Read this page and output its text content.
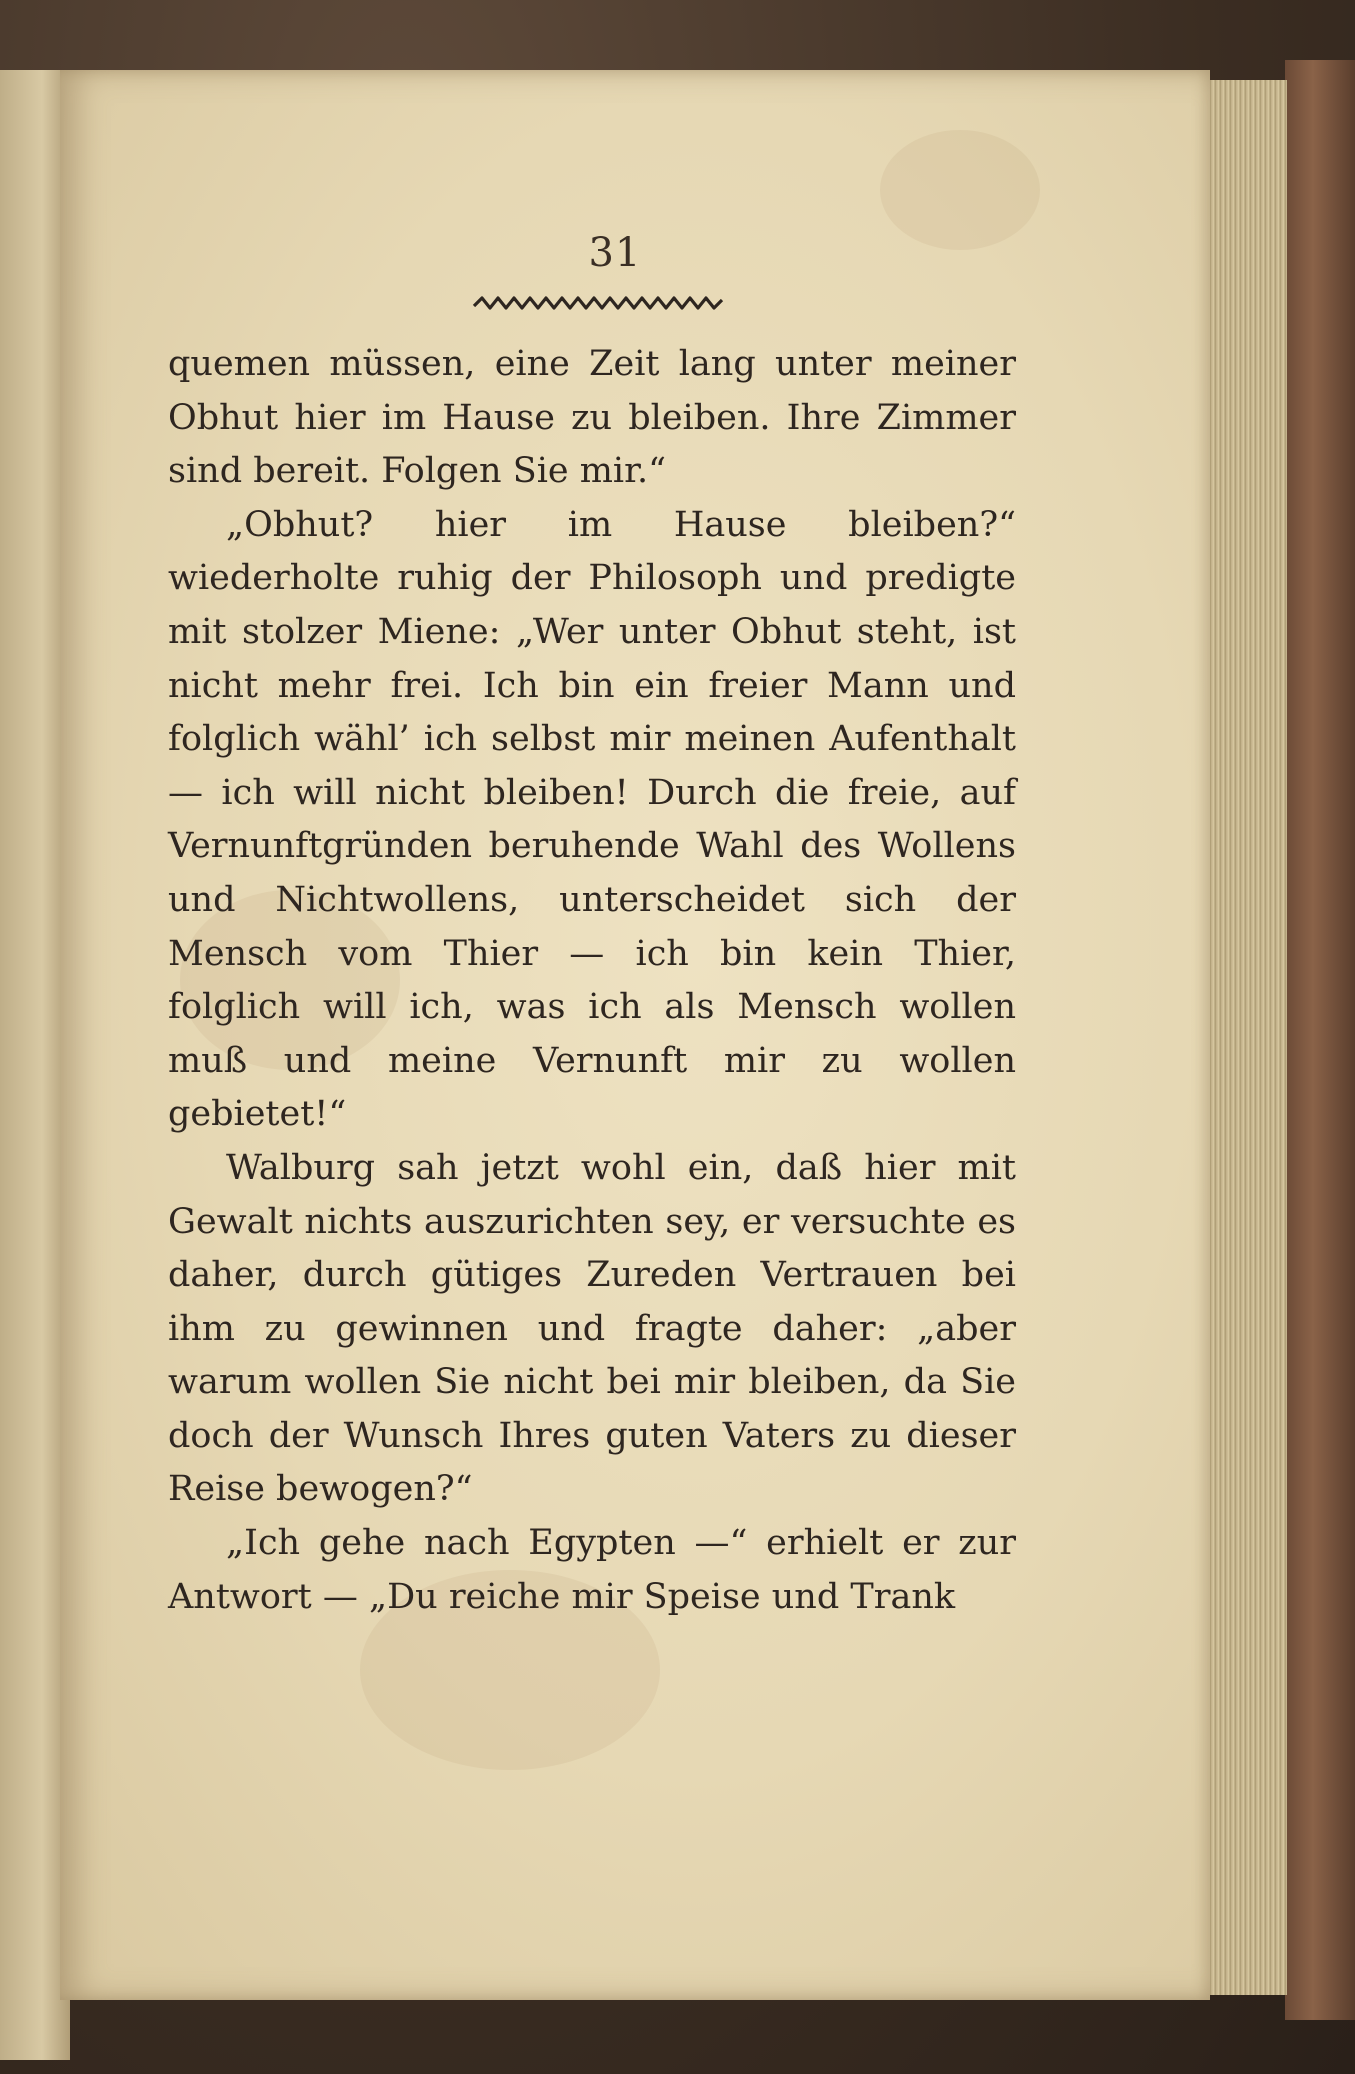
31

quemen müssen, eine Zeit lang unter meiner Obhut hier im Hause zu bleiben. Ihre Zimmer sind bereit. Folgen Sie mir.“

„Obhut? hier im Hause bleiben?“ wiederholte ruhig der Philosoph und predigte mit stolzer Miene: „Wer unter Obhut steht, ist nicht mehr frei. Ich bin ein freier Mann und folglich wähl’ ich selbst mir meinen Aufenthalt — ich will nicht bleiben! Durch die freie, auf Vernunftgründen beruhende Wahl des Wollens und Nichtwollens, unterscheidet sich der Mensch vom Thier — ich bin kein Thier, folglich will ich, was ich als Mensch wollen muß und meine Vernunft mir zu wollen gebietet!“

Walburg sah jetzt wohl ein, daß hier mit Gewalt nichts auszurichten sey, er versuchte es daher, durch gütiges Zureden Vertrauen bei ihm zu gewinnen und fragte daher: „aber warum wollen Sie nicht bei mir bleiben, da Sie doch der Wunsch Ihres guten Vaters zu dieser Reise bewogen?“

„Ich gehe nach Egypten —“ erhielt er zur Antwort — „Du reiche mir Speise und Trank
